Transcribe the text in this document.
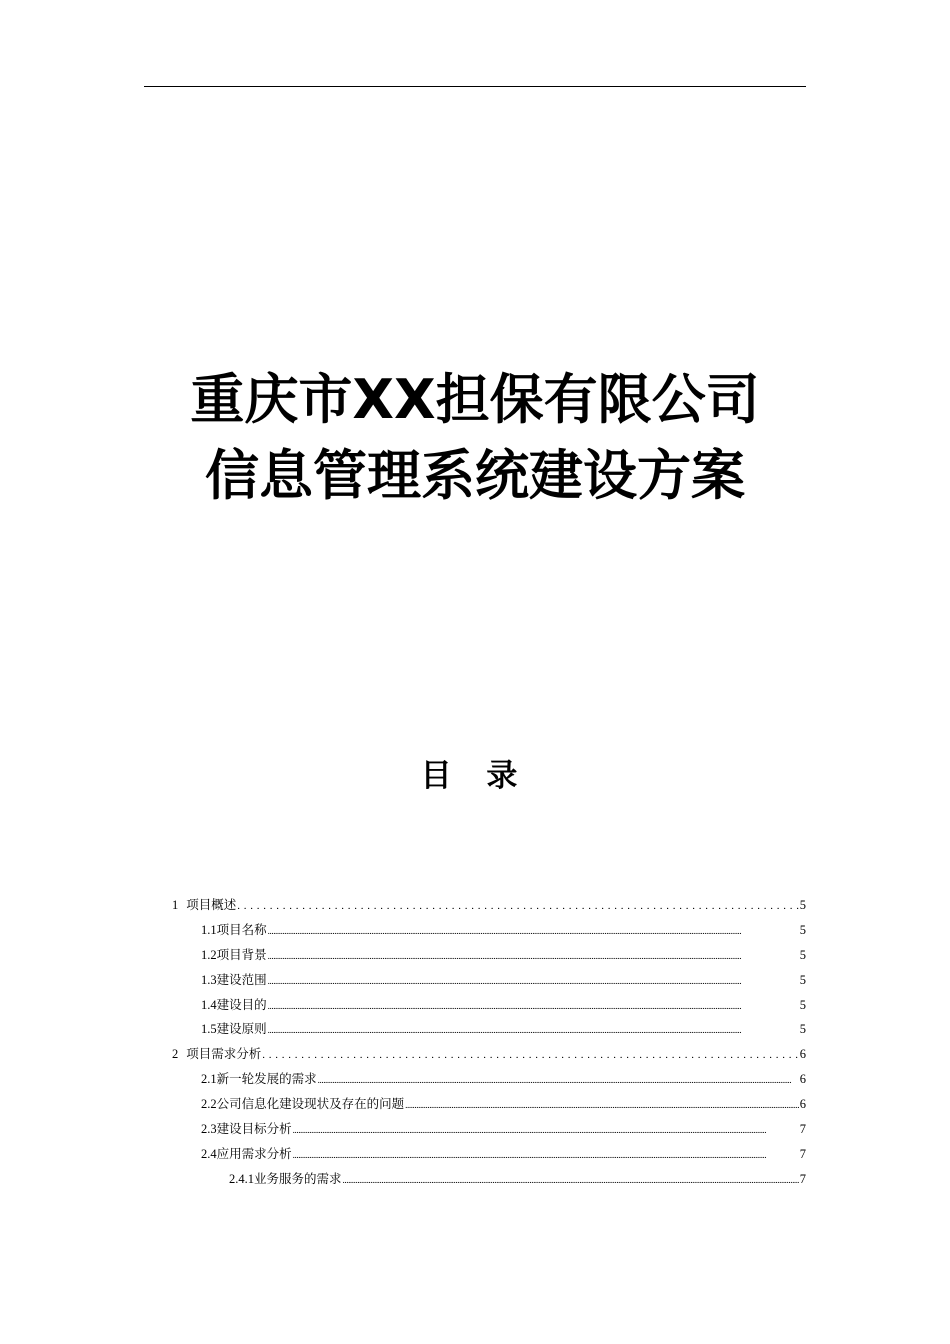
重庆市XX担保有限公司
信息管理系统建设方案
目 录
1 项目概述 . . .	5
1.1 项目名称 .....	5
1.2 项目背景 .....	5
1.3 建设范围 .....	5
1.4 建设目的 .....	5
1.5 建设原则 .....	5
2 项目需求分析 . . .	6
2.1 新一轮发展的需求 .....	6
2.2 公司信息化建设现状及存在的问题 .....	6
2.3 建设目标分析 .....	7
2.4 应用需求分析 .....	7
2.4.1 业务服务的需求 .....	7
